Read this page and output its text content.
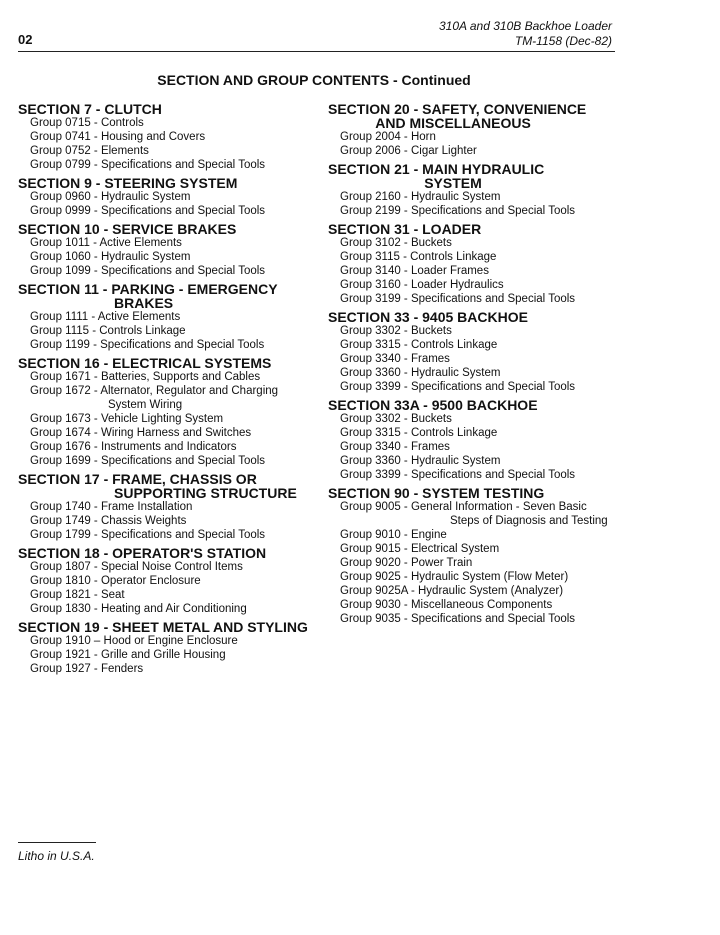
02
310A and 310B Backhoe Loader
TM-1158 (Dec-82)
SECTION AND GROUP CONTENTS - Continued
SECTION 7 - CLUTCH
Group 0715 - Controls
Group 0741 - Housing and Covers
Group 0752 - Elements
Group 0799 - Specifications and Special Tools
SECTION 9 - STEERING SYSTEM
Group 0960 - Hydraulic System
Group 0999 - Specifications and Special Tools
SECTION 10 - SERVICE BRAKES
Group 1011 - Active Elements
Group 1060 - Hydraulic System
Group 1099 - Specifications and Special Tools
SECTION 11 - PARKING - EMERGENCY
BRAKES
Group 1111 - Active Elements
Group 1115 - Controls Linkage
Group 1199 - Specifications and Special Tools
SECTION 16 - ELECTRICAL SYSTEMS
Group 1671 - Batteries, Supports and Cables
Group 1672 - Alternator, Regulator and Charging
System Wiring
Group 1673 - Vehicle Lighting System
Group 1674 - Wiring Harness and Switches
Group 1676 - Instruments and Indicators
Group 1699 - Specifications and Special Tools
SECTION 17 - FRAME, CHASSIS OR
SUPPORTING STRUCTURE
Group 1740 - Frame Installation
Group 1749 - Chassis Weights
Group 1799 - Specifications and Special Tools
SECTION 18 - OPERATOR'S STATION
Group 1807 - Special Noise Control Items
Group 1810 - Operator Enclosure
Group 1821 - Seat
Group 1830 - Heating and Air Conditioning
SECTION 19 - SHEET METAL AND STYLING
Group 1910 – Hood or Engine Enclosure
Group 1921 - Grille and Grille Housing
Group 1927 - Fenders
SECTION 20 - SAFETY, CONVENIENCE
AND MISCELLANEOUS
Group 2004 - Horn
Group 2006 - Cigar Lighter
SECTION 21 - MAIN HYDRAULIC
SYSTEM
Group 2160 - Hydraulic System
Group 2199 - Specifications and Special Tools
SECTION 31 - LOADER
Group 3102 - Buckets
Group 3115 - Controls Linkage
Group 3140 - Loader Frames
Group 3160 - Loader Hydraulics
Group 3199 - Specifications and Special Tools
SECTION 33 - 9405 BACKHOE
Group 3302 - Buckets
Group 3315 - Controls Linkage
Group 3340 - Frames
Group 3360 - Hydraulic System
Group 3399 - Specifications and Special Tools
SECTION 33A - 9500 BACKHOE
Group 3302 - Buckets
Group 3315 - Controls Linkage
Group 3340 - Frames
Group 3360 - Hydraulic System
Group 3399 - Specifications and Special Tools
SECTION 90 - SYSTEM TESTING
Group 9005 - General Information - Seven Basic
Steps of Diagnosis and Testing
Group 9010 - Engine
Group 9015 - Electrical System
Group 9020 - Power Train
Group 9025 - Hydraulic System (Flow Meter)
Group 9025A - Hydraulic System (Analyzer)
Group 9030 - Miscellaneous Components
Group 9035 - Specifications and Special Tools
Litho in U.S.A.
